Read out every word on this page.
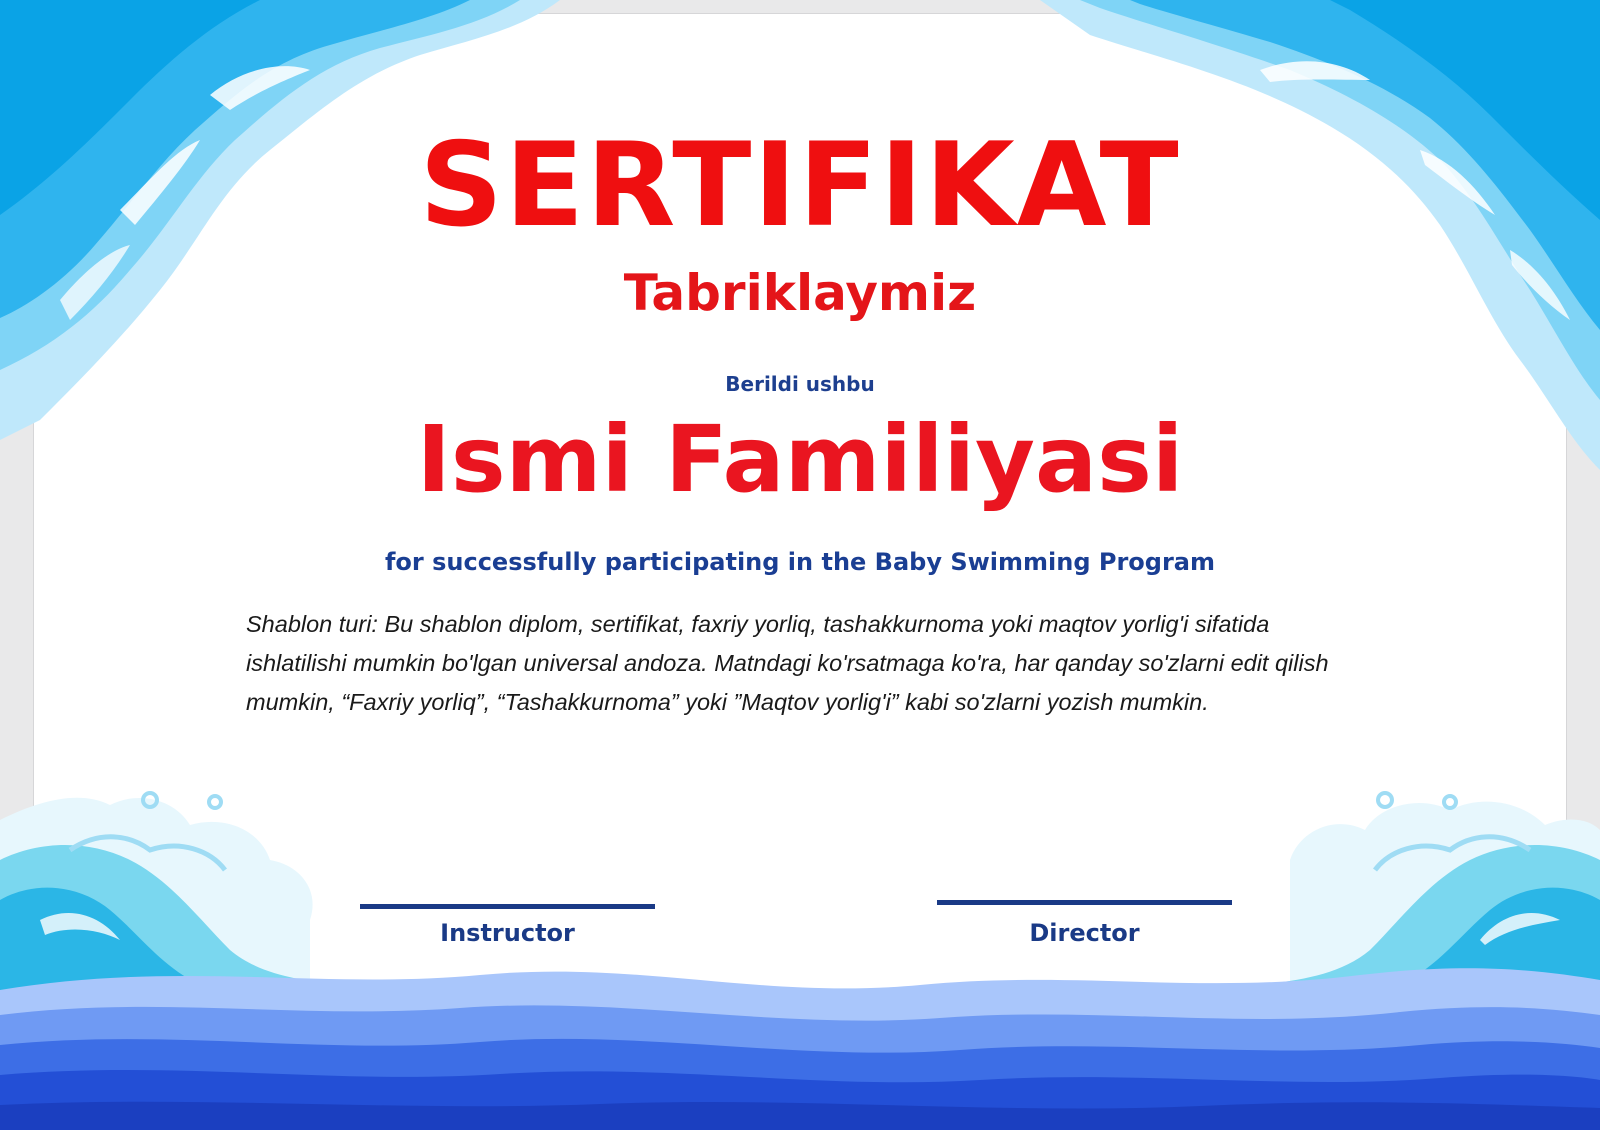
SERTIFIKAT
Tabriklaymiz
Berildi ushbu
Ismi Familiyasi
for successfully participating in the Baby Swimming Program
Shablon turi: Bu shablon diplom, sertifikat, faxriy yorliq, tashakkurnoma yoki maqtov yorlig'i sifatida ishlatilishi mumkin bo'lgan universal andoza. Matndagi ko'rsatmaga ko'ra, har qanday so'zlarni edit qilish mumkin, “Faxriy yorliq”, “Tashakkurnoma” yoki ”Maqtov yorlig'i” kabi so'zlarni yozish mumkin.
Instructor	Director
